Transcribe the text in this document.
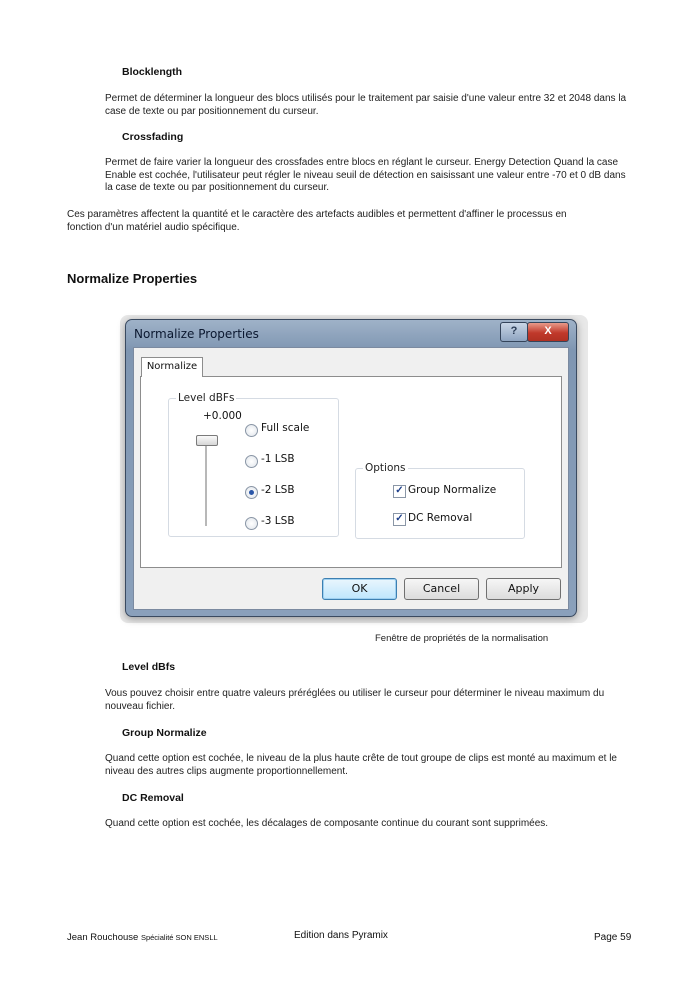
Blocklength
Permet de déterminer la longueur des blocs utilisés pour le traitement par saisie d'une valeur entre 32 et 2048 dans la case de texte ou par positionnement du curseur.
Crossfading
Permet de faire varier la longueur des crossfades entre blocs en réglant le curseur. Energy Detection Quand la case Enable est cochée, l'utilisateur peut régler le niveau seuil de détection en saisissant une valeur entre -70 et 0 dB dans la case de texte ou par positionnement du curseur.
Ces paramètres affectent la quantité et le caractère des artefacts audibles et permettent d'affiner le processus en fonction d'un matériel audio spécifique.
Normalize Properties
Normalize Properties	?	X
Normalize
Level dBFs
+0.000
Full scale
-1 LSB
-2 LSB
-3 LSB
Options
✓ Group Normalize
✓ DC Removal
OK	Cancel	Apply
Fenêtre de propriétés de la normalisation
Level dBfs
Vous pouvez choisir entre quatre valeurs préréglées ou utiliser le curseur pour déterminer le niveau maximum du nouveau fichier.
Group Normalize
Quand cette option est cochée, le niveau de la plus haute crête de tout groupe de clips est monté au maximum et le niveau des autres clips augmente proportionnellement.
DC Removal
Quand cette option est cochée, les décalages de composante continue du courant sont supprimées.
Jean Rouchouse Spécialité SON ENSLL	Edition dans Pyramix	Page 59
